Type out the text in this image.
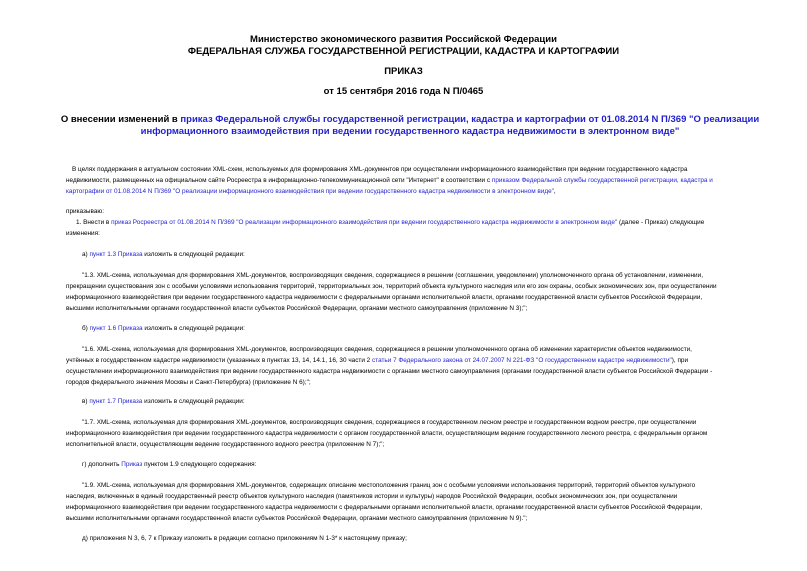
Министерство экономического развития Российской Федерации
ФЕДЕРАЛЬНАЯ СЛУЖБА ГОСУДАРСТВЕННОЙ РЕГИСТРАЦИИ, КАДАСТРА И КАРТОГРАФИИ
ПРИКАЗ
от 15 сентября 2016 года N П/0465
О внесении изменений в приказ Федеральной службы государственной регистрации, кадастра и картографии от 01.08.2014 N П/369 "О реализации информационного взаимодействия при ведении государственного кадастра недвижимости в электронном виде"
В целях поддержания в актуальном состоянии XML-схем, используемых для формирования XML-документов при осуществлении информационного взаимодействия при ведении государственного кадастра
недвижимости, размещенных на официальном сайте Росреестра в информационно-телекоммуникационной сети "Интернет" в соответствии с приказом Федеральной службы государственной регистрации, кадастра и
картографии от 01.08.2014 N П/369 "О реализации информационного взаимодействия при ведении государственного кадастра недвижимости в электронном виде",
приказываю:
1. Внести в приказ Росреестра от 01.08.2014 N П/369 "О реализации информационного взаимодействия при ведении государственного кадастра недвижимости в электронном виде" (далее - Приказ) следующие
изменения:
а) пункт 1.3 Приказа изложить в следующей редакции:
"1.3. XML-схема, используемая для формирования XML-документов, воспроизводящих сведения, содержащиеся в решении (соглашении, уведомлении) уполномоченного органа об установлении, изменении,
прекращении существования зон с особыми условиями использования территорий, территориальных зон, территорий объекта культурного наследия или его зон охраны, особых экономических зон, при осуществлении
информационного взаимодействия при ведении государственного кадастра недвижимости с федеральными органами исполнительной власти, органами государственной власти субъектов Российской Федерации,
высшими исполнительными органами государственной власти субъектов Российской Федерации, органами местного самоуправления (приложение N 3);";
б) пункт 1.6 Приказа изложить в следующей редакции:
"1.6. XML-схема, используемая для формирования XML-документов, воспроизводящих сведения, содержащиеся в решении уполномоченного органа об изменении характеристик объектов недвижимости,
учтённых в государственном кадастре недвижимости (указанных в пунктах 13, 14, 14.1, 16, 30 части 2 статьи 7 Федерального закона от 24.07.2007 N 221-ФЗ "О государственном кадастре недвижимости"), при
осуществлении информационного взаимодействия при ведении государственного кадастра недвижимости с органами местного самоуправления (органами государственной власти субъектов Российской Федерации -
городов федерального значения Москвы и Санкт-Петербурга) (приложение N 6);";
в) пункт 1.7 Приказа изложить в следующей редакции:
"1.7. XML-схема, используемая для формирования XML-документов, воспроизводящих сведения, содержащиеся в государственном лесном реестре и государственном водном реестре, при осуществлении
информационного взаимодействия при ведении государственного кадастра недвижимости с органом государственной власти, осуществляющим ведение государственного лесного реестра, с федеральным органом
исполнительной власти, осуществляющим ведение государственного водного реестра (приложение N 7);";
г) дополнить Приказ пунктом 1.9 следующего содержания:
"1.9. XML-схема, используемая для формирования XML-документов, содержащих описание местоположения границ зон с особыми условиями использования территорий, территорий объектов культурного
наследия, включенных в единый государственный реестр объектов культурного наследия (памятников истории и культуры) народов Российской Федерации, особых экономических зон, при осуществлении
информационного взаимодействия при ведении государственного кадастра недвижимости с федеральными органами исполнительной власти, органами государственной власти субъектов Российской Федерации,
высшими исполнительными органами государственной власти субъектов Российской Федерации, органами местного самоуправления (приложение N 9).";
д) приложения N 3, 6, 7 к Приказу изложить в редакции согласно приложениям N 1-3* к настоящему приказу;
